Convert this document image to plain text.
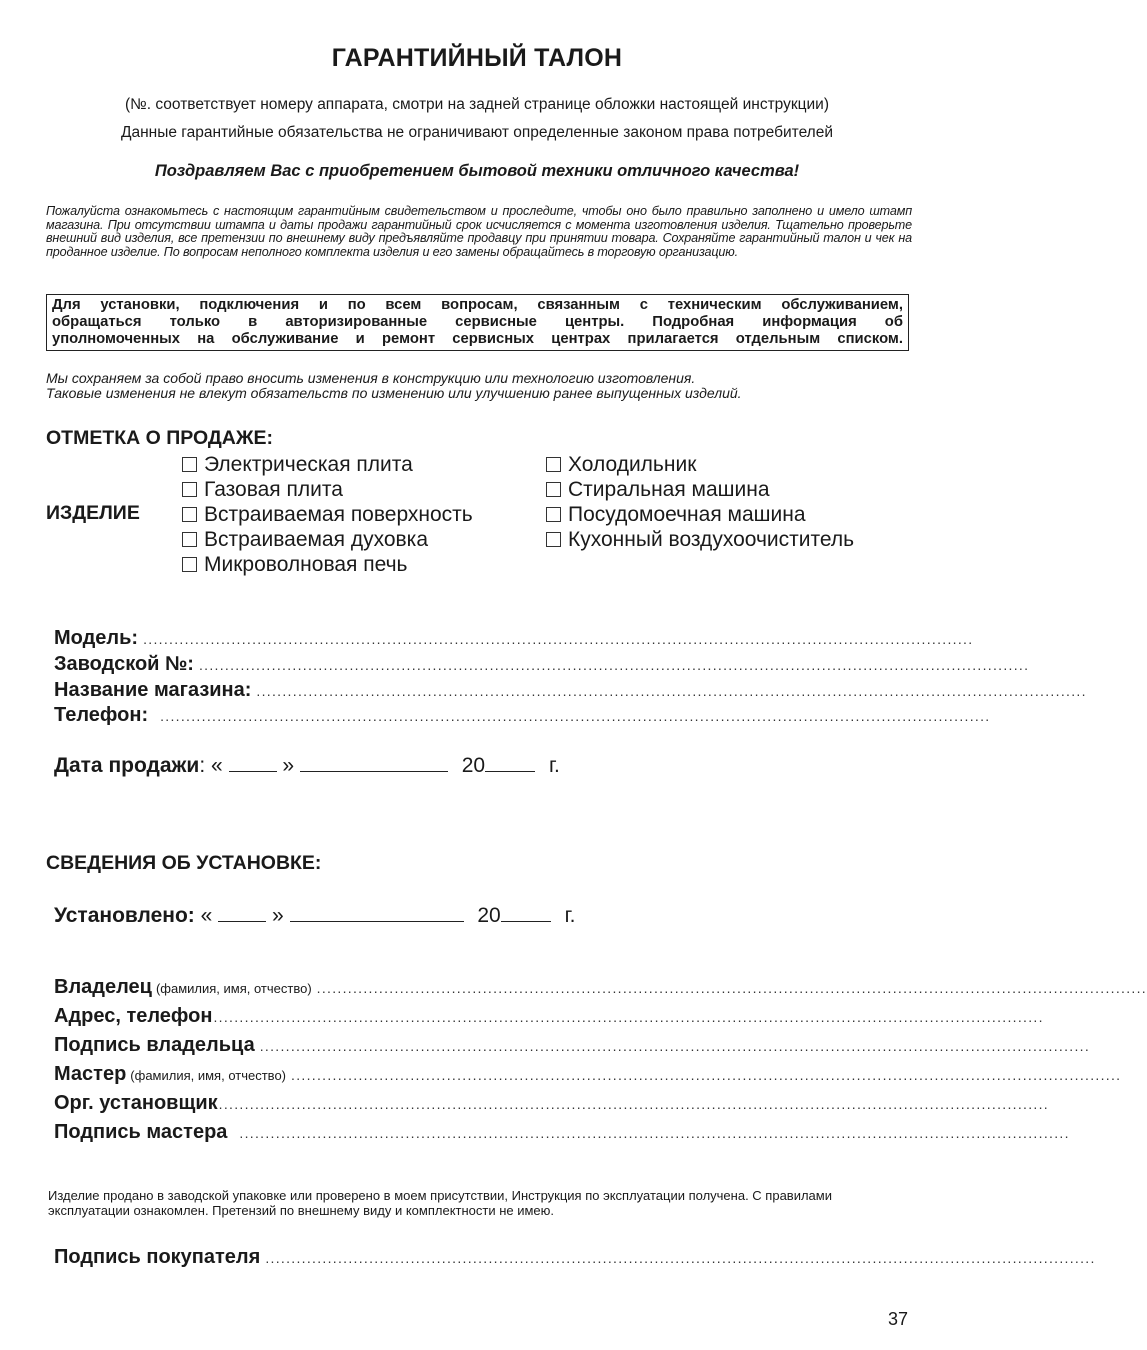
ГАРАНТИЙНЫЙ ТАЛОН
(№. соответствует номеру аппарата, смотри на задней странице обложки настоящей инструкции)
Данные гарантийные обязательства не ограничивают определенные законом права потребителей
Поздравляем Вас с приобретением бытовой техники отличного качества!
Пожалуйста ознакомьтесь с настоящим гарантийным свидетельством и проследите, чтобы оно было правильно заполнено и имело штамп магазина. При отсутствии штампа и даты продажи гарантийный срок исчисляется с момента изготовления изделия. Тщательно проверьте внешний вид изделия, все претензии по внешнему виду предъявляйте продавцу при принятии товара. Сохраняйте гарантийный талон и чек на проданное изделие. По вопросам неполного комплекта изделия и его замены обращайтесь в торговую организацию.
Для установки, подключения и по всем вопросам, связанным с техническим обслуживанием,
обращаться только в авторизированные сервисные центры. Подробная информация об
уполномоченных на обслуживание и ремонт сервисных центрах прилагается отдельным списком.
Мы сохраняем за собой право вносить изменения в конструкцию или технологию изготовления.
Таковые изменения не влекут обязательств по изменению или улучшению ранее выпущенных изделий.
ОТМЕТКА О ПРОДАЖЕ:
ИЗДЕЛИЕ
Электрическая плита
Газовая плита
Встраиваемая поверхность
Встраиваемая духовка
Микроволновая печь
Холодильник
Стиральная машина
Посудомоечная машина
Кухонный воздухоочиститель
Модель: ................................................................................................................................................................
Заводской №: ................................................................................................................................................................
Название магазина: ................................................................................................................................................................
Телефон: ................................................................................................................................................................
Дата продажи: «	»	20	г.
СВЕДЕНИЯ ОБ УСТАНОВКЕ:
Установлено: «	»	20	г.
Владелец (фамилия, имя, отчество) ................................................................................................................................................................
Адрес, телефон ................................................................................................................................................................
Подпись владельца ................................................................................................................................................................
Мастер (фамилия, имя, отчество) ................................................................................................................................................................
Орг. установщик ................................................................................................................................................................
Подпись мастера ................................................................................................................................................................
Изделие продано в заводской упаковке или проверено в моем присутствии, Инструкция по эксплуатации получена. С правилами эксплуатации ознакомлен. Претензий по внешнему виду и комплектности не имею.
Подпись покупателя ................................................................................................................................................................
37
